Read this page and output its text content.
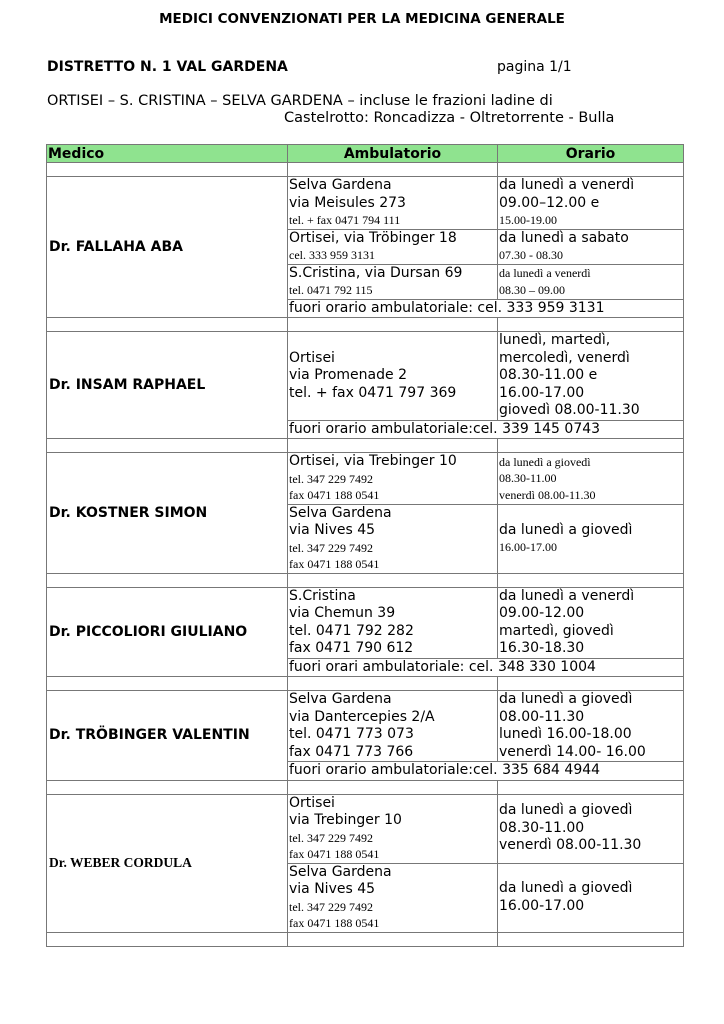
MEDICI CONVENZIONATI PER LA MEDICINA GENERALE
DISTRETTO N. 1 VAL GARDENA	pagina 1/1
ORTISEI – S. CRISTINA – SELVA GARDENA – incluse le frazioni ladine di
Castelrotto: Roncadizza - Oltretorrente - Bulla
Medico	Ambulatorio	Orario

Dr. FALLAHA ABA	Selva Gardena
via Meisules 273
tel. + fax 0471 794 111	da lunedì a venerdì
09.00–12.00 e
15.00-19.00

	Ortisei, via Tröbinger 18
cel. 333 959 3131	da lunedì a sabato
07.30 - 08.30

	S.Cristina, via Dursan 69
tel. 0471 792 115	da lunedì a venerdì
08.30 – 09.00

	fuori orario ambulatoriale: cel. 333 959 3131	

Dr. INSAM RAPHAEL	Ortisei
via Promenade 2
tel. + fax 0471 797 369	lunedì, martedì,
mercoledì, venerdì
08.30-11.00 e
16.00-17.00
giovedì 08.00-11.30

	fuori orario ambulatoriale:cel. 339 145 0743	

Dr. KOSTNER SIMON	Ortisei, via Trebinger 10
tel. 347 229 7492
fax 0471 188 0541	da lunedì a giovedì
08.30-11.00
venerdì 08.00-11.30

	Selva Gardena
via Nives 45
tel. 347 229 7492
fax 0471 188 0541	da lunedì a giovedì
16.00-17.00

Dr. PICCOLIORI GIULIANO	S.Cristina
via Chemun 39
tel. 0471 792 282
fax 0471 790 612	da lunedì a venerdì
09.00-12.00
martedì, giovedì
16.30-18.30

	fuori orari ambulatoriale: cel. 348 330 1004	

Dr. TRÖBINGER VALENTIN	Selva Gardena
via Dantercepies 2/A
tel. 0471 773 073
fax 0471 773 766	da lunedì a giovedì
08.00-11.30
lunedì 16.00-18.00
venerdì 14.00- 16.00

	fuori orario ambulatoriale:cel. 335 684 4944	

Dr. WEBER CORDULA	Ortisei
via Trebinger 10
tel. 347 229 7492
fax 0471 188 0541	da lunedì a giovedì
08.30-11.00
venerdì 08.00-11.30

	Selva Gardena
via Nives 45
tel. 347 229 7492
fax 0471 188 0541	da lunedì a giovedì
16.00-17.00
